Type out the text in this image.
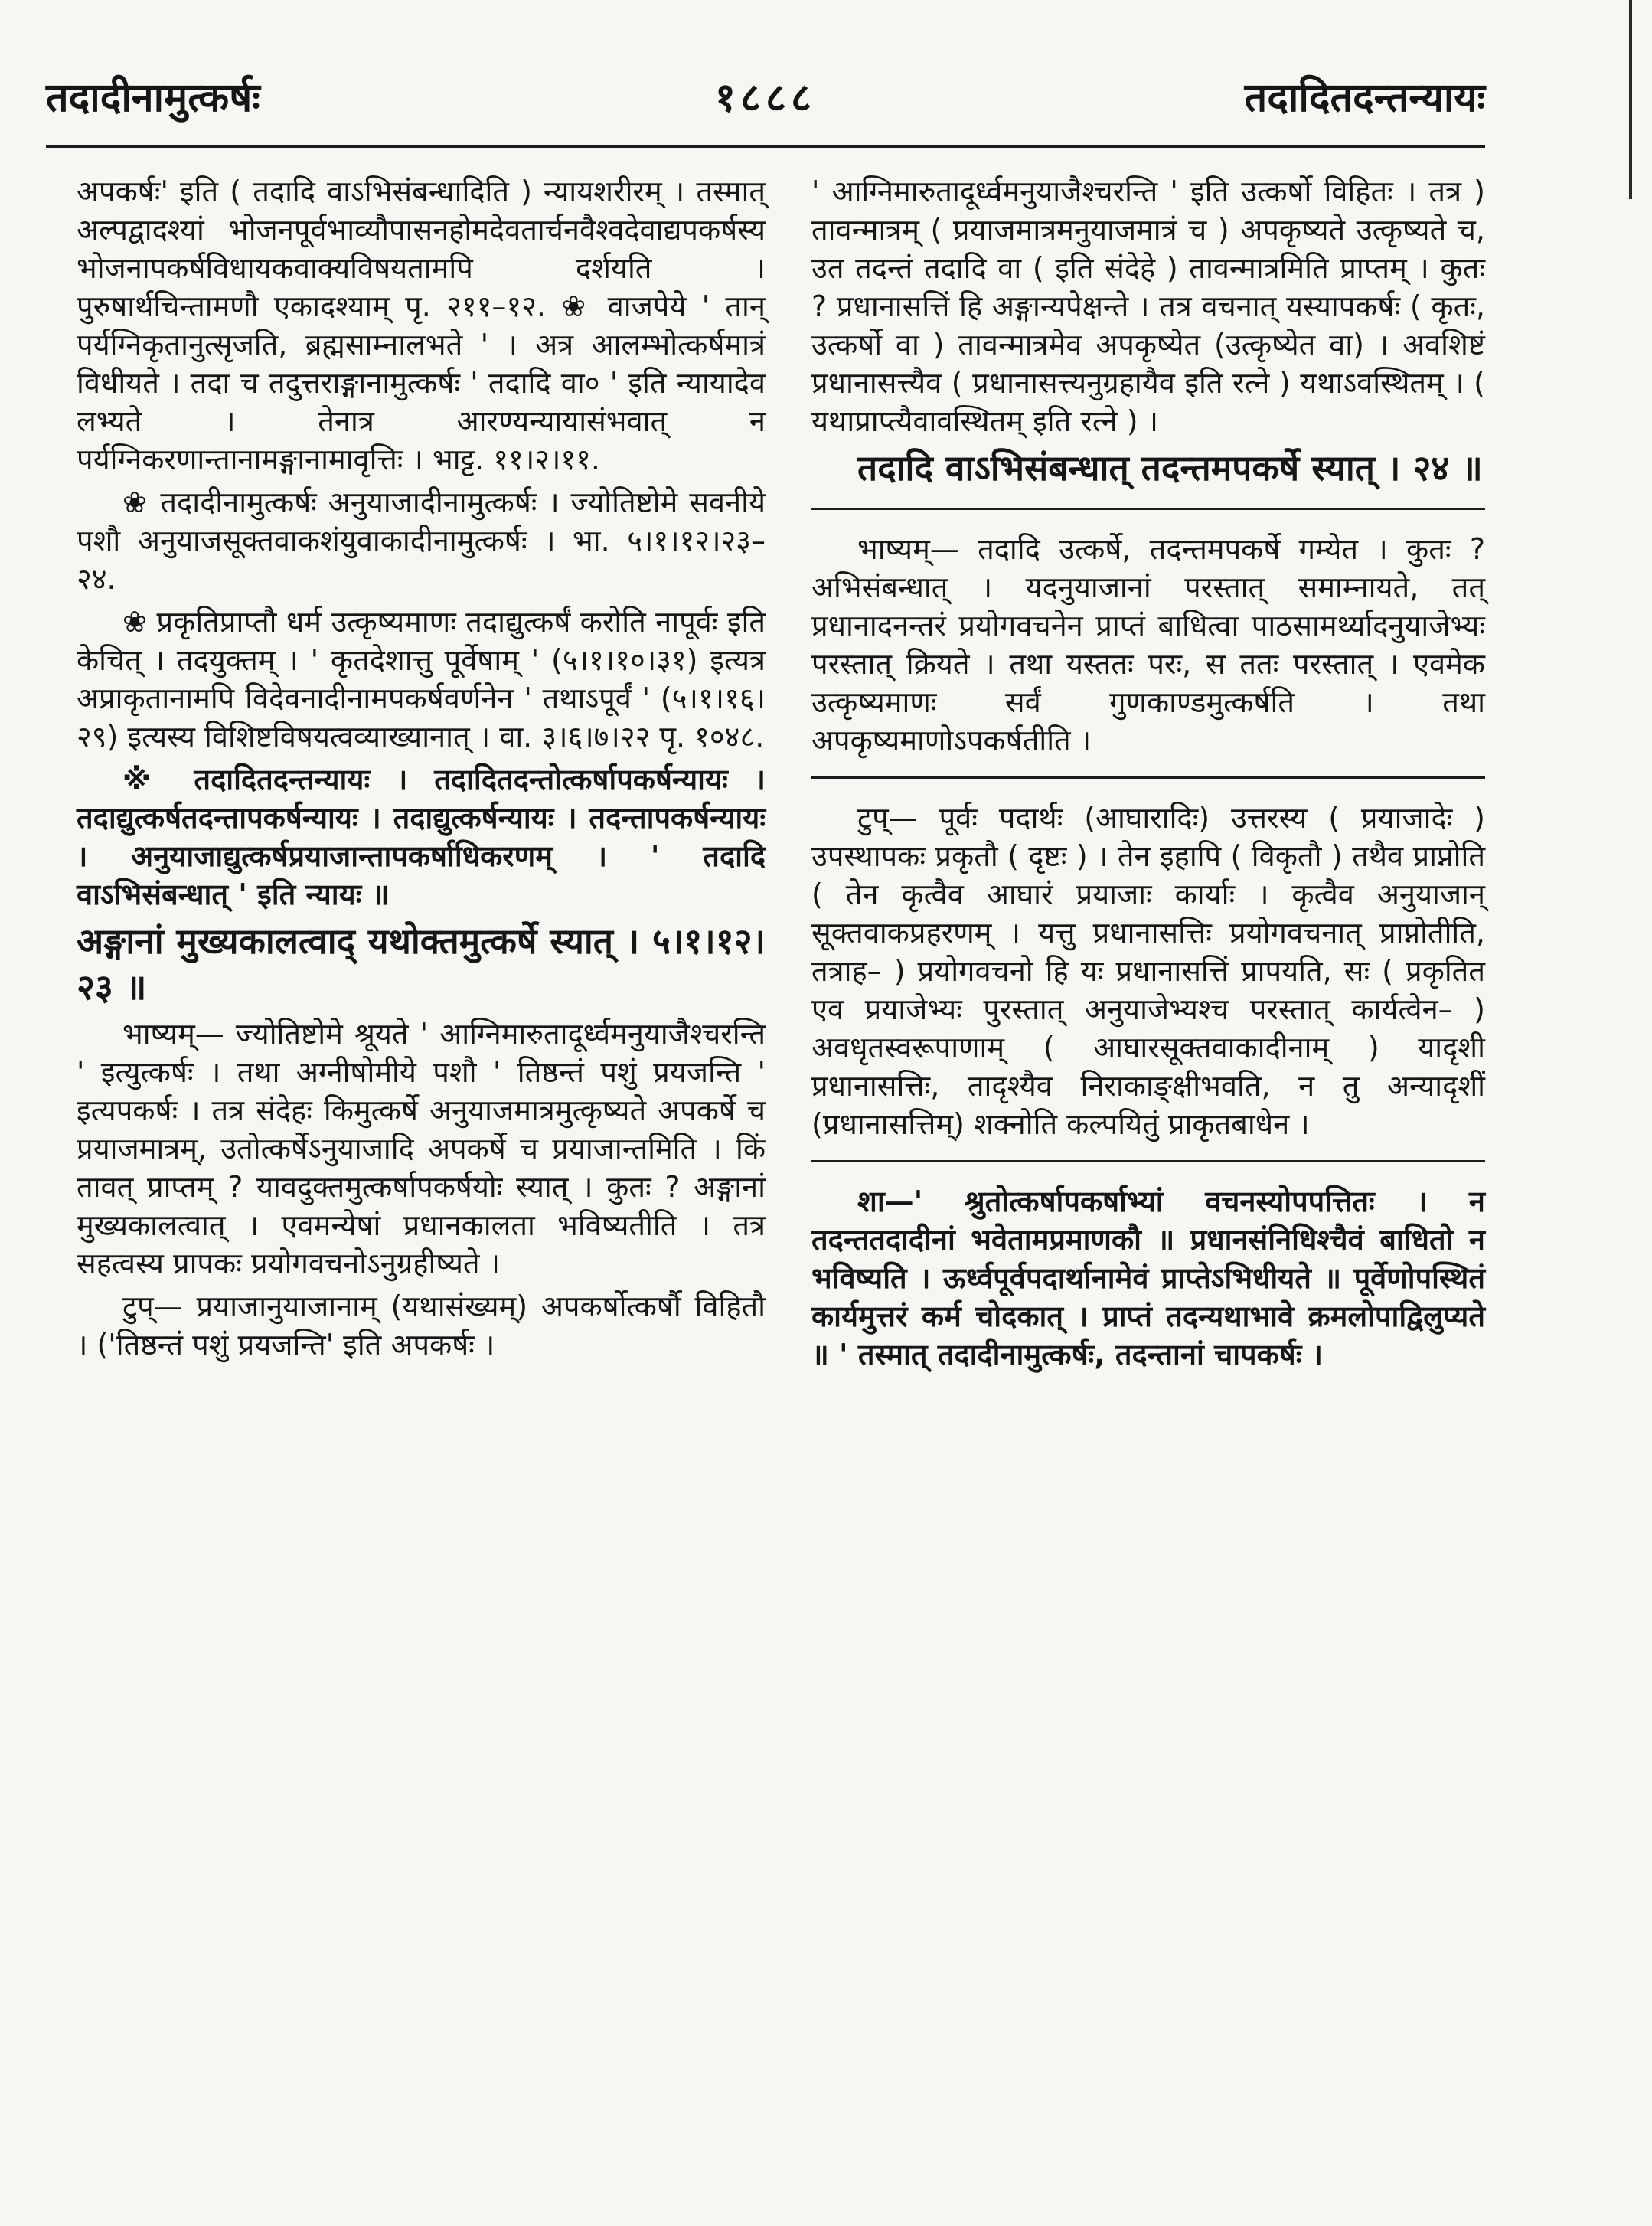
१८८८
तदादीनामुत्कर्षः	तदादितदन्तन्यायः

अपकर्षः' इति ( तदादि वाऽभिसंबन्धादिति ) न्यायशरीरम् । तस्मात् अल्पद्वादश्यां भोजनपूर्वभाव्यौपासनहोमदेवतार्चनवैश्वदेवाद्यपकर्षस्य भोजनापकर्षविधायकवाक्यविषयतामपि दर्शयति । पुरुषार्थचिन्तामणौ एकादश्याम् पृ. २११–१२. ❀ वाजपेये ' तान् पर्यग्निकृतानुत्सृजति, ब्रह्मसाम्नालभते ' । अत्र आलम्भोत्कर्षमात्रं विधीयते । तदा च तदुत्तराङ्गानामुत्कर्षः ' तदादि वा० ' इति न्यायादेव लभ्यते । तेनात्र आरण्यन्यायासंभवात् न पर्यग्निकरणान्तानामङ्गानामावृत्तिः । भाट्ट. ११।२।११.

❀ तदादीनामुत्कर्षः अनुयाजादीनामुत्कर्षः । ज्योतिष्टोमे सवनीये पशौ अनुयाजसूक्तवाकशंयुवाकादीनामुत्कर्षः । भा. ५।१।१२।२३–२४.

❀ प्रकृतिप्राप्तौ धर्म उत्कृष्यमाणः तदाद्युत्कर्षं करोति नापूर्वः इति केचित् । तदयुक्तम् । ' कृतदेशात्तु पूर्वेषाम् ' (५।१।१०।३१) इत्यत्र अप्राकृतानामपि विदेवनादीनामपकर्षवर्णनेन ' तथाऽपूर्वं ' (५।१।१६।२९) इत्यस्य विशिष्टविषयत्वव्याख्यानात् । वा. ३।६।७।२२ पृ. १०४८.

※ तदादितदन्तन्यायः । तदादितदन्तोत्कर्षापकर्षन्यायः । तदाद्युत्कर्षतदन्तापकर्षन्यायः । तदाद्युत्कर्षन्यायः । तदन्तापकर्षन्यायः । अनुयाजाद्युत्कर्षप्रयाजान्तापकर्षाधिकरणम् । ' तदादि वाऽभिसंबन्धात् ' इति न्यायः ॥

अङ्गानां मुख्यकालत्वाद् यथोक्तमुत्कर्षे स्यात् । ५।१।१२।२३ ॥

भाष्यम्— ज्योतिष्टोमे श्रूयते ' आग्निमारुतादूर्ध्वमनुयाजैश्चरन्ति ' इत्युत्कर्षः । तथा अग्नीषोमीये पशौ ' तिष्ठन्तं पशुं प्रयजन्ति ' इत्यपकर्षः । तत्र संदेहः किमुत्कर्षे अनुयाजमात्रमुत्कृष्यते अपकर्षे च प्रयाजमात्रम्, उतोत्कर्षेऽनुयाजादि अपकर्षे च प्रयाजान्तमिति । किं तावत् प्राप्तम् ? यावदुक्तमुत्कर्षापकर्षयोः स्यात् । कुतः ? अङ्गानां मुख्यकालत्वात् । एवमन्येषां प्रधानकालता भविष्यतीति । तत्र सहत्वस्य प्रापकः प्रयोगवचनोऽनुग्रहीष्यते ।

टुप्— प्रयाजानुयाजानाम् (यथासंख्यम्) अपकर्षोत्कर्षौ विहितौ । ('तिष्ठन्तं पशुं प्रयजन्ति' इति अपकर्षः ।

' आग्निमारुतादूर्ध्वमनुयाजैश्चरन्ति ' इति उत्कर्षो विहितः । तत्र ) तावन्मात्रम् ( प्रयाजमात्रमनुयाजमात्रं च ) अपकृष्यते उत्कृष्यते च, उत तदन्तं तदादि वा ( इति संदेहे ) तावन्मात्रमिति प्राप्तम् । कुतः ? प्रधानासत्तिं हि अङ्गान्यपेक्षन्ते । तत्र वचनात् यस्यापकर्षः ( कृतः, उत्कर्षो वा ) तावन्मात्रमेव अपकृष्येत (उत्कृष्येत वा) । अवशिष्टं प्रधानासत्त्यैव ( प्रधानासत्त्यनुग्रहायैव इति रत्ने ) यथाऽवस्थितम् । ( यथाप्राप्त्यैवावस्थितम् इति रत्ने ) ।

तदादि वाऽभिसंबन्धात् तदन्तमपकर्षे स्यात् । २४ ॥

भाष्यम्— तदादि उत्कर्षे, तदन्तमपकर्षे गम्येत । कुतः ? अभिसंबन्धात् । यदनुयाजानां परस्तात् समाम्नायते, तत् प्रधानादनन्तरं प्रयोगवचनेन प्राप्तं बाधित्वा पाठसामर्थ्यादनुयाजेभ्यः परस्तात् क्रियते । तथा यस्ततः परः, स ततः परस्तात् । एवमेक उत्कृष्यमाणः सर्वं गुणकाण्डमुत्कर्षति । तथा अपकृष्यमाणोऽपकर्षतीति ।

टुप्— पूर्वः पदार्थः (आघारादिः) उत्तरस्य ( प्रयाजादेः ) उपस्थापकः प्रकृतौ ( दृष्टः ) । तेन इहापि ( विकृतौ ) तथैव प्राप्नोति ( तेन कृत्वैव आघारं प्रयाजाः कार्याः । कृत्वैव अनुयाजान् सूक्तवाकप्रहरणम् । यत्तु प्रधानासत्तिः प्रयोगवचनात् प्राप्नोतीति, तत्राह– ) प्रयोगवचनो हि यः प्रधानासत्तिं प्रापयति, सः ( प्रकृतित एव प्रयाजेभ्यः पुरस्तात् अनुयाजेभ्यश्च परस्तात् कार्यत्वेन– ) अवधृतस्वरूपाणाम् ( आघारसूक्तवाकादीनाम् ) यादृशी प्रधानासत्तिः, तादृश्यैव निराकाङ्क्षीभवति, न तु अन्यादृशीं (प्रधानासत्तिम्) शक्नोति कल्पयितुं प्राकृतबाधेन ।

शा—' श्रुतोत्कर्षापकर्षाभ्यां वचनस्योपपत्तितः । न तदन्ततदादीनां भवेतामप्रमाणकौ ॥ प्रधानसंनिधिश्चैवं बाधितो न भविष्यति । ऊर्ध्वपूर्वपदार्थानामेवं प्राप्तेऽभिधीयते ॥ पूर्वेणोपस्थितं कार्यमुत्तरं कर्म चोदकात् । प्राप्तं तदन्यथाभावे क्रमलोपाद्विलुप्यते ॥ ' तस्मात् तदादीनामुत्कर्षः, तदन्तानां चापकर्षः ।
